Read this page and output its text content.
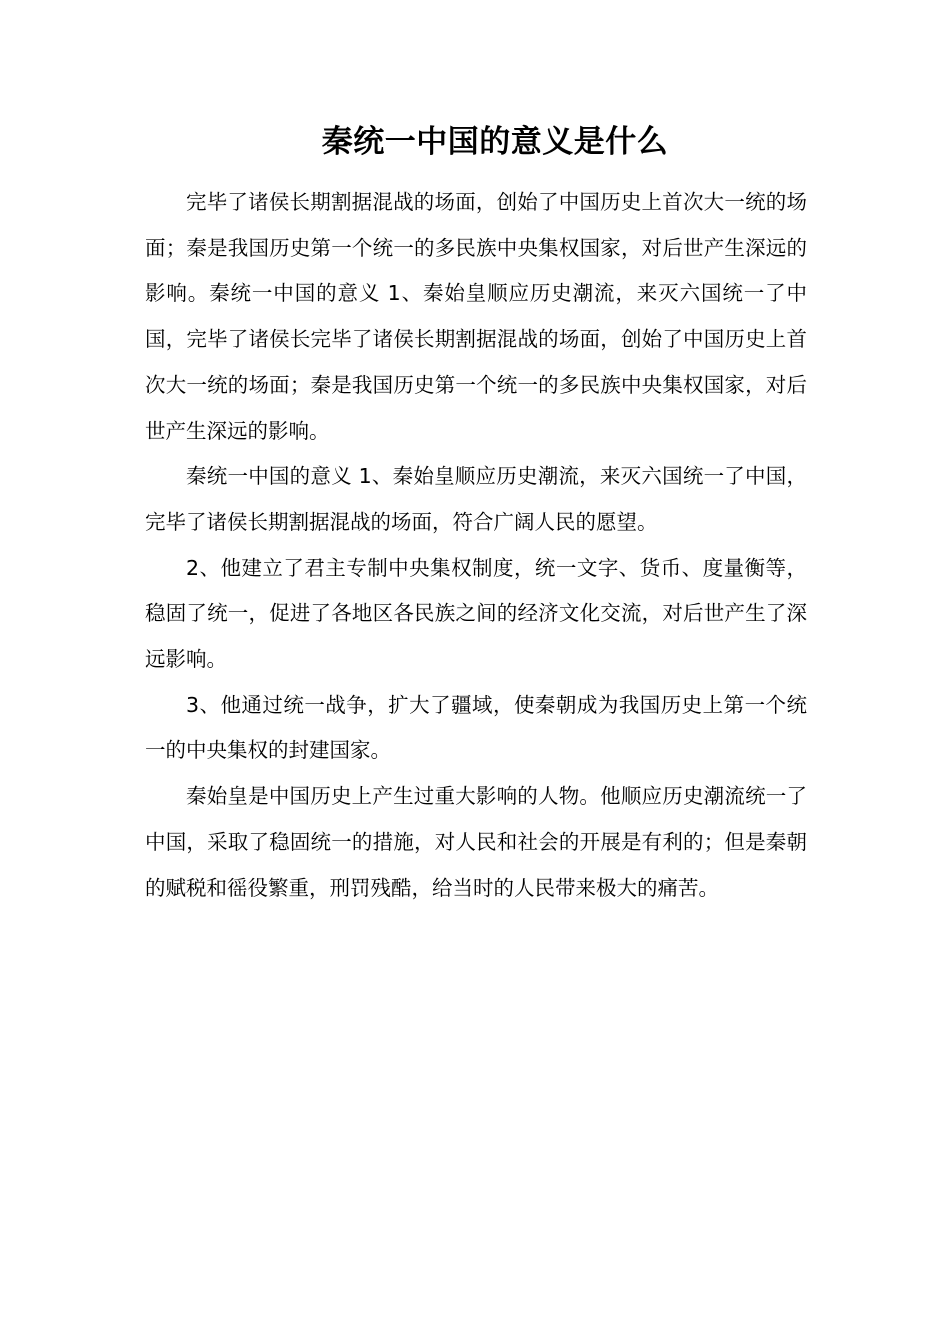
秦统一中国的意义是什么

完毕了诸侯长期割据混战的场面，创始了中国历史上首次大一统的场面；秦是我国历史第一个统一的多民族中央集权国家，对后世产生深远的影响。秦统一中国的意义 1、秦始皇顺应历史潮流，来灭六国统一了中国，完毕了诸侯长完毕了诸侯长期割据混战的场面，创始了中国历史上首次大一统的场面；秦是我国历史第一个统一的多民族中央集权国家，对后世产生深远的影响。

秦统一中国的意义 1、秦始皇顺应历史潮流，来灭六国统一了中国，完毕了诸侯长期割据混战的场面，符合广阔人民的愿望。

2、他建立了君主专制中央集权制度，统一文字、货币、度量衡等，稳固了统一，促进了各地区各民族之间的经济文化交流，对后世产生了深远影响。

3、他通过统一战争，扩大了疆域，使秦朝成为我国历史上第一个统一的中央集权的封建国家。

秦始皇是中国历史上产生过重大影响的人物。他顺应历史潮流统一了中国，采取了稳固统一的措施，对人民和社会的开展是有利的；但是秦朝的赋税和徭役繁重，刑罚残酷，给当时的人民带来极大的痛苦。
